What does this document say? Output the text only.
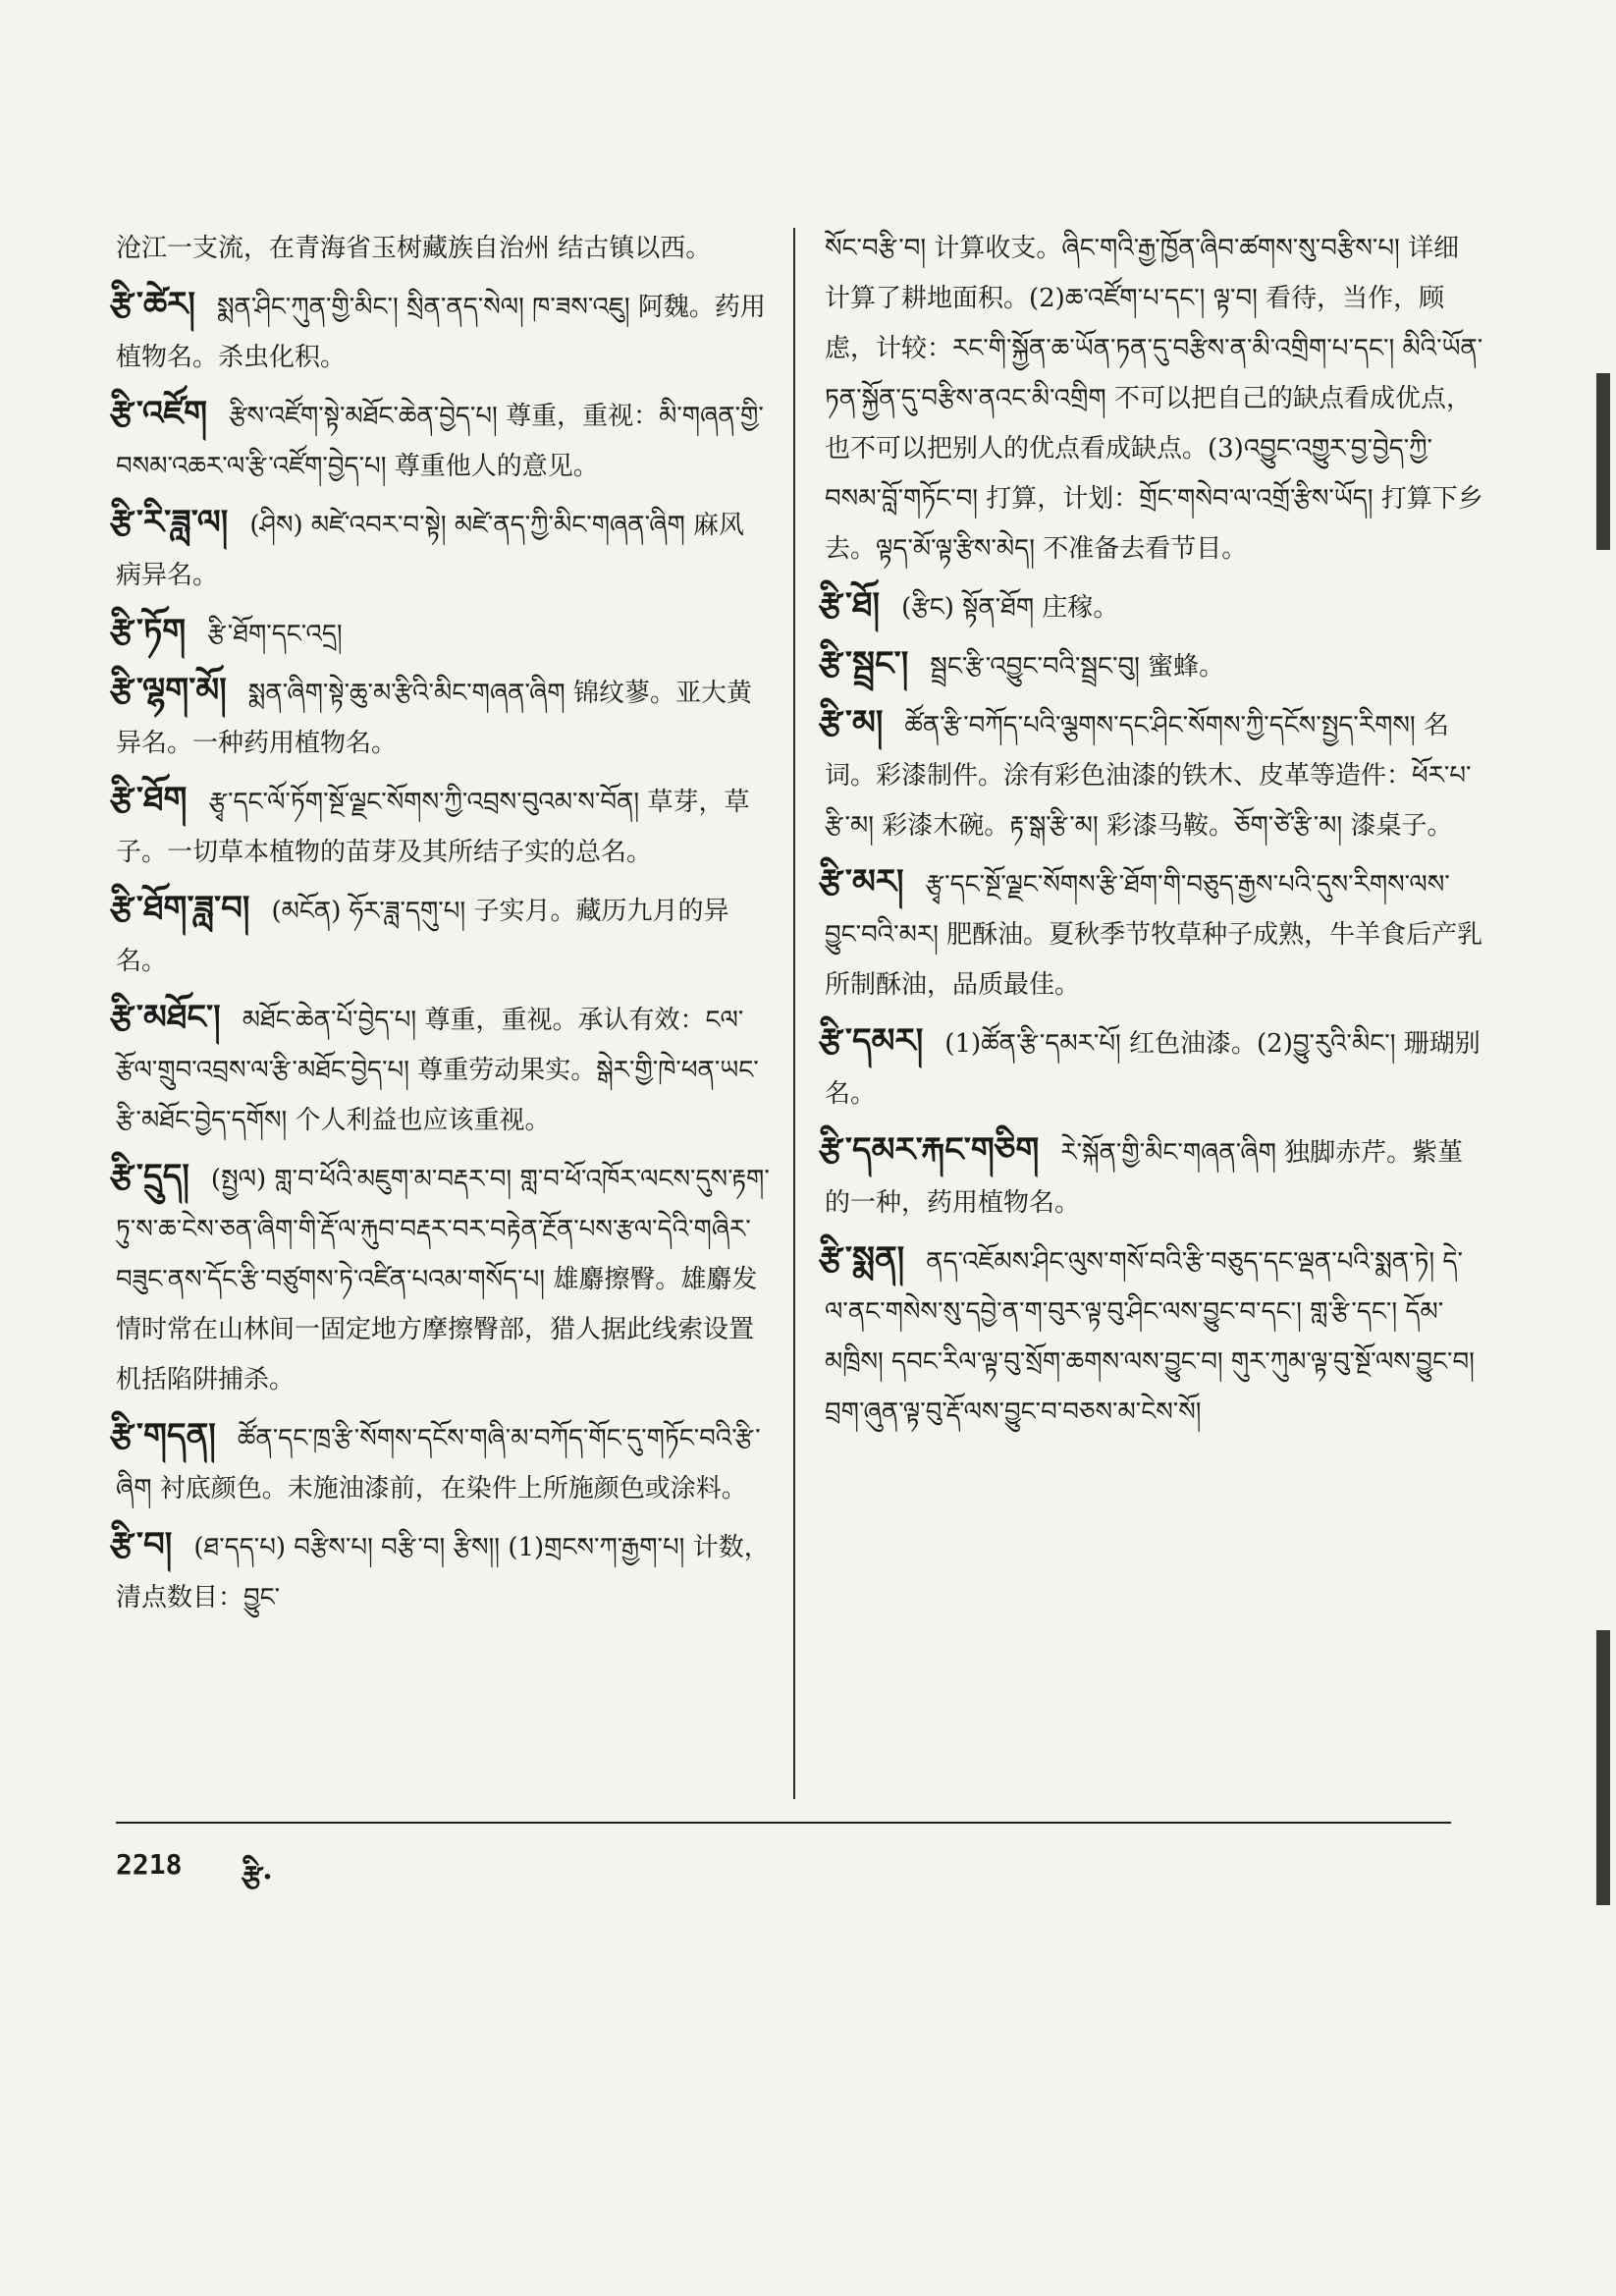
沧江一支流，在青海省玉树藏族自治州 结古镇以西。
རྩི་ཚེར། སྨན་ཤིང་ཀུན་གྱི་མིང་། སྲིན་ནད་སེལ། ཁ་ཟས་འཇུ། 阿魏。药用植物名。杀虫化积。
རྩི་འཛོག རྩིས་འཛོག་སྟེ་མཐོང་ཆེན་བྱེད་པ། 尊重，重视：མི་གཞན་གྱི་བསམ་འཆར་ལ་རྩི་འཛོག་བྱེད་པ། 尊重他人的意见。
རྩི་རི་ཟླ་ལ། (ཤིས) མཛེ་འབར་བ་སྟེ། མཛེ་ནད་ཀྱི་མིང་གཞན་ཞིག 麻风病异名。
རྩི་ཏོག རྩི་ཐོག་དང་འདྲ།
རྩི་ལྷག་མོ། སྨན་ཞིག་སྟེ་ཆུ་མ་རྩིའི་མིང་གཞན་ཞིག 锦纹蓼。亚大黄异名。一种药用植物名。
རྩི་ཐོག རྩྭ་དང་ལོ་ཏོག་སྔོ་ལྗང་སོགས་ཀྱི་འབྲས་བུའམ་ས་བོན། 草芽，草子。一切草本植物的苗芽及其所结子实的总名。
རྩི་ཐོག་ཟླ་བ། (མངོན) ཧོར་ཟླ་དགུ་པ། 子实月。藏历九月的异名。
རྩི་མཐོང་། མཐོང་ཆེན་པོ་བྱེད་པ། 尊重，重视。承认有效：ངལ་རྩོལ་གྲུབ་འབྲས་ལ་རྩི་མཐོང་བྱེད་པ། 尊重劳动果实。སྒེར་གྱི་ཁེ་ཕན་ཡང་རྩི་མཐོང་བྱེད་དགོས། 个人利益也应该重视。
རྩི་དྲུད། (སྤྱལ) གླ་བ་ཕོའི་མཇུག་མ་བརྡར་བ། གླ་བ་ཕོ་འཁོར་ལངས་དུས་རྟག་ཏུ་ས་ཆ་ངེས་ཅན་ཞིག་གི་རྡོ་ལ་རྐུབ་བརྡར་བར་བརྟེན་རྔོན་པས་རྩལ་དེའི་གཞིར་བཟུང་ནས་དོང་རྩི་བཙུགས་ཏེ་འཛིན་པའམ་གསོད་པ། 雄麝擦臀。雄麝发情时常在山林间一固定地方摩擦臀部，猎人据此线索设置机括陷阱捕杀。
རྩི་གདན། ཚོན་དང་ཁྲ་རྩི་སོགས་དངོས་གཞི་མ་བཀོད་གོང་དུ་གཏོང་བའི་རྩི་ཞིག 衬底颜色。未施油漆前，在染件上所施颜色或涂料。
རྩི་བ། (ཐ་དད་པ) བརྩིས་པ། བརྩི་བ། རྩིས།། (1)གྲངས་ཀ་རྒྱག་པ། 计数，清点数目：བྱུང་
སོང་བརྩི་བ། 计算收支。ཞིང་གའི་རྒྱ་ཁྱོན་ཞིབ་ཚགས་སུ་བརྩིས་པ། 详细计算了耕地面积。(2)ཆ་འཛོག་པ་དང་། ལྟ་བ། 看待，当作，顾虑，计较：རང་གི་སྐྱོན་ཆ་ཡོན་ཏན་དུ་བརྩིས་ན་མི་འགྲིག་པ་དང་། མིའི་ཡོན་ཏན་སྐྱོན་དུ་བརྩིས་ནའང་མི་འགྲིག 不可以把自己的缺点看成优点，也不可以把别人的优点看成缺点。(3)འབྱུང་འགྱུར་བྱ་བྱེད་ཀྱི་བསམ་བློ་གཏོང་བ། 打算，计划：གྲོང་གསེབ་ལ་འགྲོ་རྩིས་ཡོད། 打算下乡去。ལྟད་མོ་ལྟ་རྩིས་མེད། 不准备去看节目。
རྩི་ཐོ། (རྩིང) སྟོན་ཐོག 庄稼。
རྩི་སྦྲང་། སྦྲང་རྩི་འབྱུང་བའི་སྦྲང་བུ། 蜜蜂。
རྩི་མ། ཚོན་རྩི་བཀོད་པའི་ལྕགས་དང་ཤིང་སོགས་ཀྱི་དངོས་སྤྱད་རིགས། 名词。彩漆制件。涂有彩色油漆的铁木、皮革等造件：ཕོར་པ་རྩི་མ། 彩漆木碗。རྟ་སྒ་རྩི་མ། 彩漆马鞍。ཅོག་ཙེ་རྩི་མ། 漆桌子。
རྩི་མར། རྩྭ་དང་སྔོ་ལྗང་སོགས་རྩི་ཐོག་གི་བཅུད་རྒྱས་པའི་དུས་རིགས་ལས་བྱུང་བའི་མར། 肥酥油。夏秋季节牧草种子成熟，牛羊食后产乳所制酥油，品质最佳。
རྩི་དམར། (1)ཚོན་རྩི་དམར་པོ། 红色油漆。(2)བྱུ་རུའི་མིང་། 珊瑚别名。
རྩི་དམར་རྐང་གཅིག རེ་སྐོན་གྱི་མིང་གཞན་ཞིག 独脚赤芹。紫堇的一种，药用植物名。
རྩི་སྨན། ནད་འཇོམས་ཤིང་ལུས་གསོ་བའི་རྩི་བཅུད་དང་ལྡན་པའི་སྨན་ཏེ། དེ་ལ་ནང་གསེས་སུ་དབྱེ་ན་ག་བུར་ལྟ་བུ་ཤིང་ལས་བྱུང་བ་དང་། གླ་རྩི་དང་། དོམ་མཁྲིས། དབང་རིལ་ལྟ་བུ་སྲོག་ཆགས་ལས་བྱུང་བ། གུར་ཀུམ་ལྟ་བུ་སྔོ་ལས་བྱུང་བ། བྲག་ཞུན་ལྟ་བུ་རྡོ་ལས་བྱུང་བ་བཅས་མ་ངེས་སོ།
2218 རྩི·
